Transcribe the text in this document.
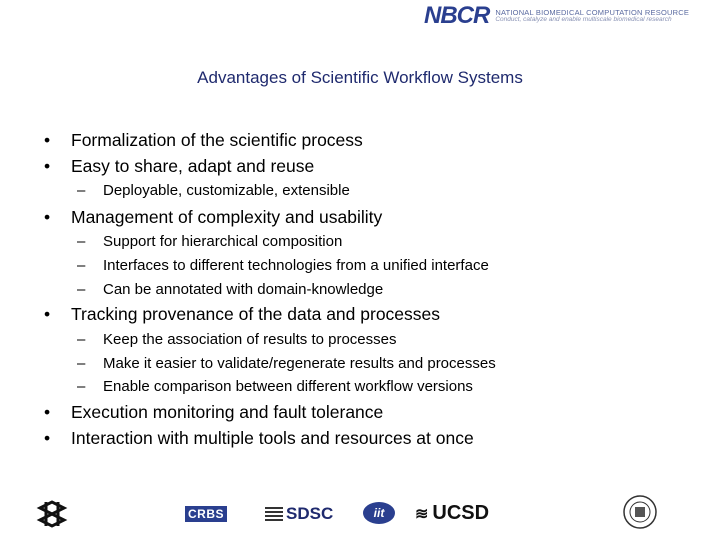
NBCR NATIONAL BIOMEDICAL COMPUTATION RESOURCE
Conduct, catalyze and enable multiscale biomedical research
Advantages of Scientific Workflow Systems
• Formalization of the scientific process
• Easy to share, adapt and reuse
– Deployable, customizable, extensible
• Management of complexity and usability
– Support for hierarchical composition
– Interfaces to different technologies from a unified interface
– Can be annotated with domain-knowledge
• Tracking provenance of the data and processes
– Keep the association of results to processes
– Make it easier to validate/regenerate results and processes
– Enable comparison between different workflow versions
• Execution monitoring and fault tolerance
• Interaction with multiple tools and resources at once
CRBS	SDSC	iit	≋ UCSD
